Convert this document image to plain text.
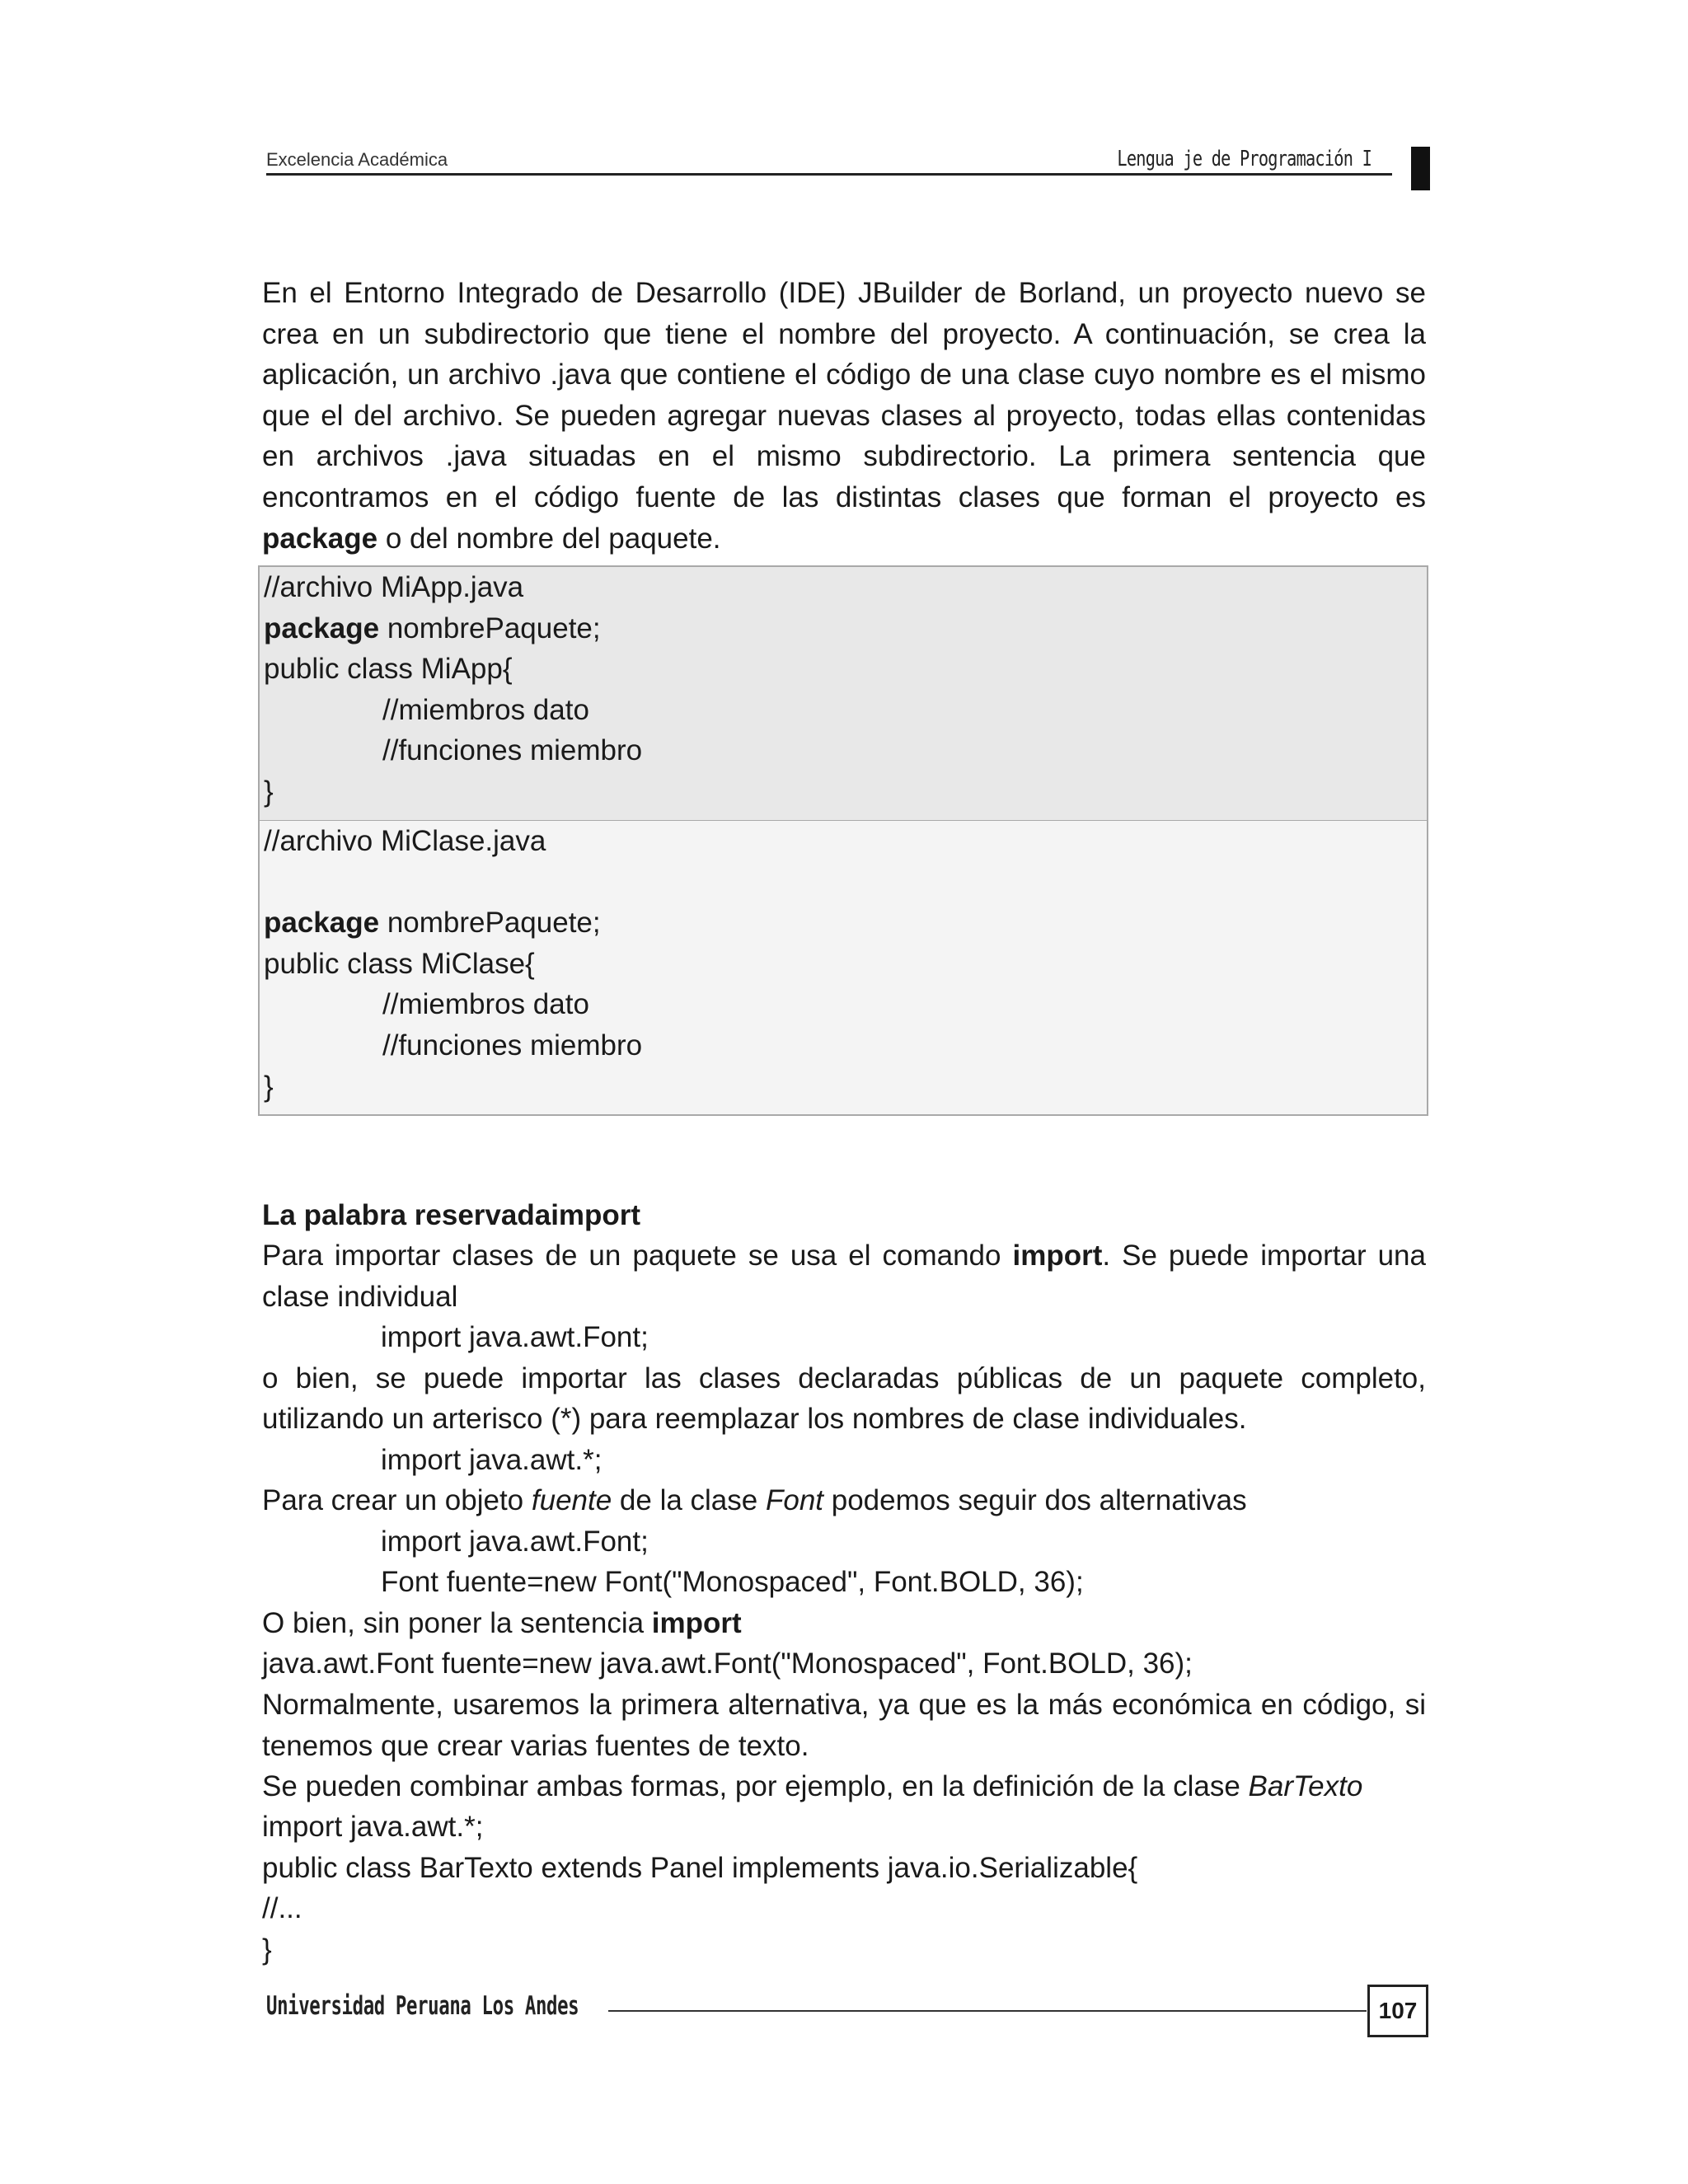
Excelencia Académica	Lengua je de Programación I
En el Entorno Integrado de Desarrollo (IDE) JBuilder de Borland, un proyecto nuevo se crea en un subdirectorio que tiene el nombre del proyecto. A continuación, se crea la aplicación, un archivo .java que contiene el código de una clase cuyo nombre es el mismo que el del archivo. Se pueden agregar nuevas clases al proyecto, todas ellas contenidas en archivos .java situadas en el mismo subdirectorio. La primera sentencia que encontramos en el código fuente de las distintas clases que forman el proyecto es package o del nombre del paquete.
//archivo MiApp.java
package nombrePaquete;
public class MiApp{
//miembros dato
//funciones miembro
}
//archivo MiClase.java
package nombrePaquete;
public class MiClase{
//miembros dato
//funciones miembro
}
La palabra reservadaimport
Para importar clases de un paquete se usa el comando import. Se puede importar una clase individual
import java.awt.Font;
o bien, se puede importar las clases declaradas públicas de un paquete completo,
utilizando un arterisco (*) para reemplazar los nombres de clase individuales.
import java.awt.*;
Para crear un objeto fuente de la clase Font podemos seguir dos alternativas
import java.awt.Font;
Font fuente=new Font("Monospaced", Font.BOLD, 36);
O bien, sin poner la sentencia import
java.awt.Font fuente=new java.awt.Font("Monospaced", Font.BOLD, 36);
Normalmente, usaremos la primera alternativa, ya que es la más económica en código, si tenemos que crear varias fuentes de texto.
Se pueden combinar ambas formas, por ejemplo, en la definición de la clase BarTexto
import java.awt.*;
public class BarTexto extends Panel implements java.io.Serializable{
//...
}
Universidad Peruana Los Andes	107
